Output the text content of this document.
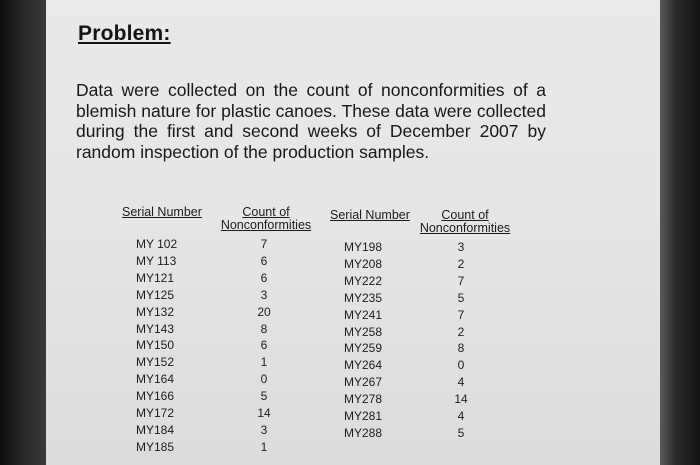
Problem:
Data were collected on the count of nonconformities of a blemish nature for plastic canoes. These data were collected during the first and second weeks of December 2007 by random inspection of the production samples.
Serial Number	Count of
Nonconformities
Serial Number	Count of
Nonconformities
MY 102
MY 113
MY121
MY125
MY132
MY143
MY150
MY152
MY164
MY166
MY172
MY184
MY185
7
6
6
3
20
8
6
1
0
5
14
3
1
MY198
MY208
MY222
MY235
MY241
MY258
MY259
MY264
MY267
MY278
MY281
MY288
3
2
7
5
7
2
8
0
4
14
4
5
